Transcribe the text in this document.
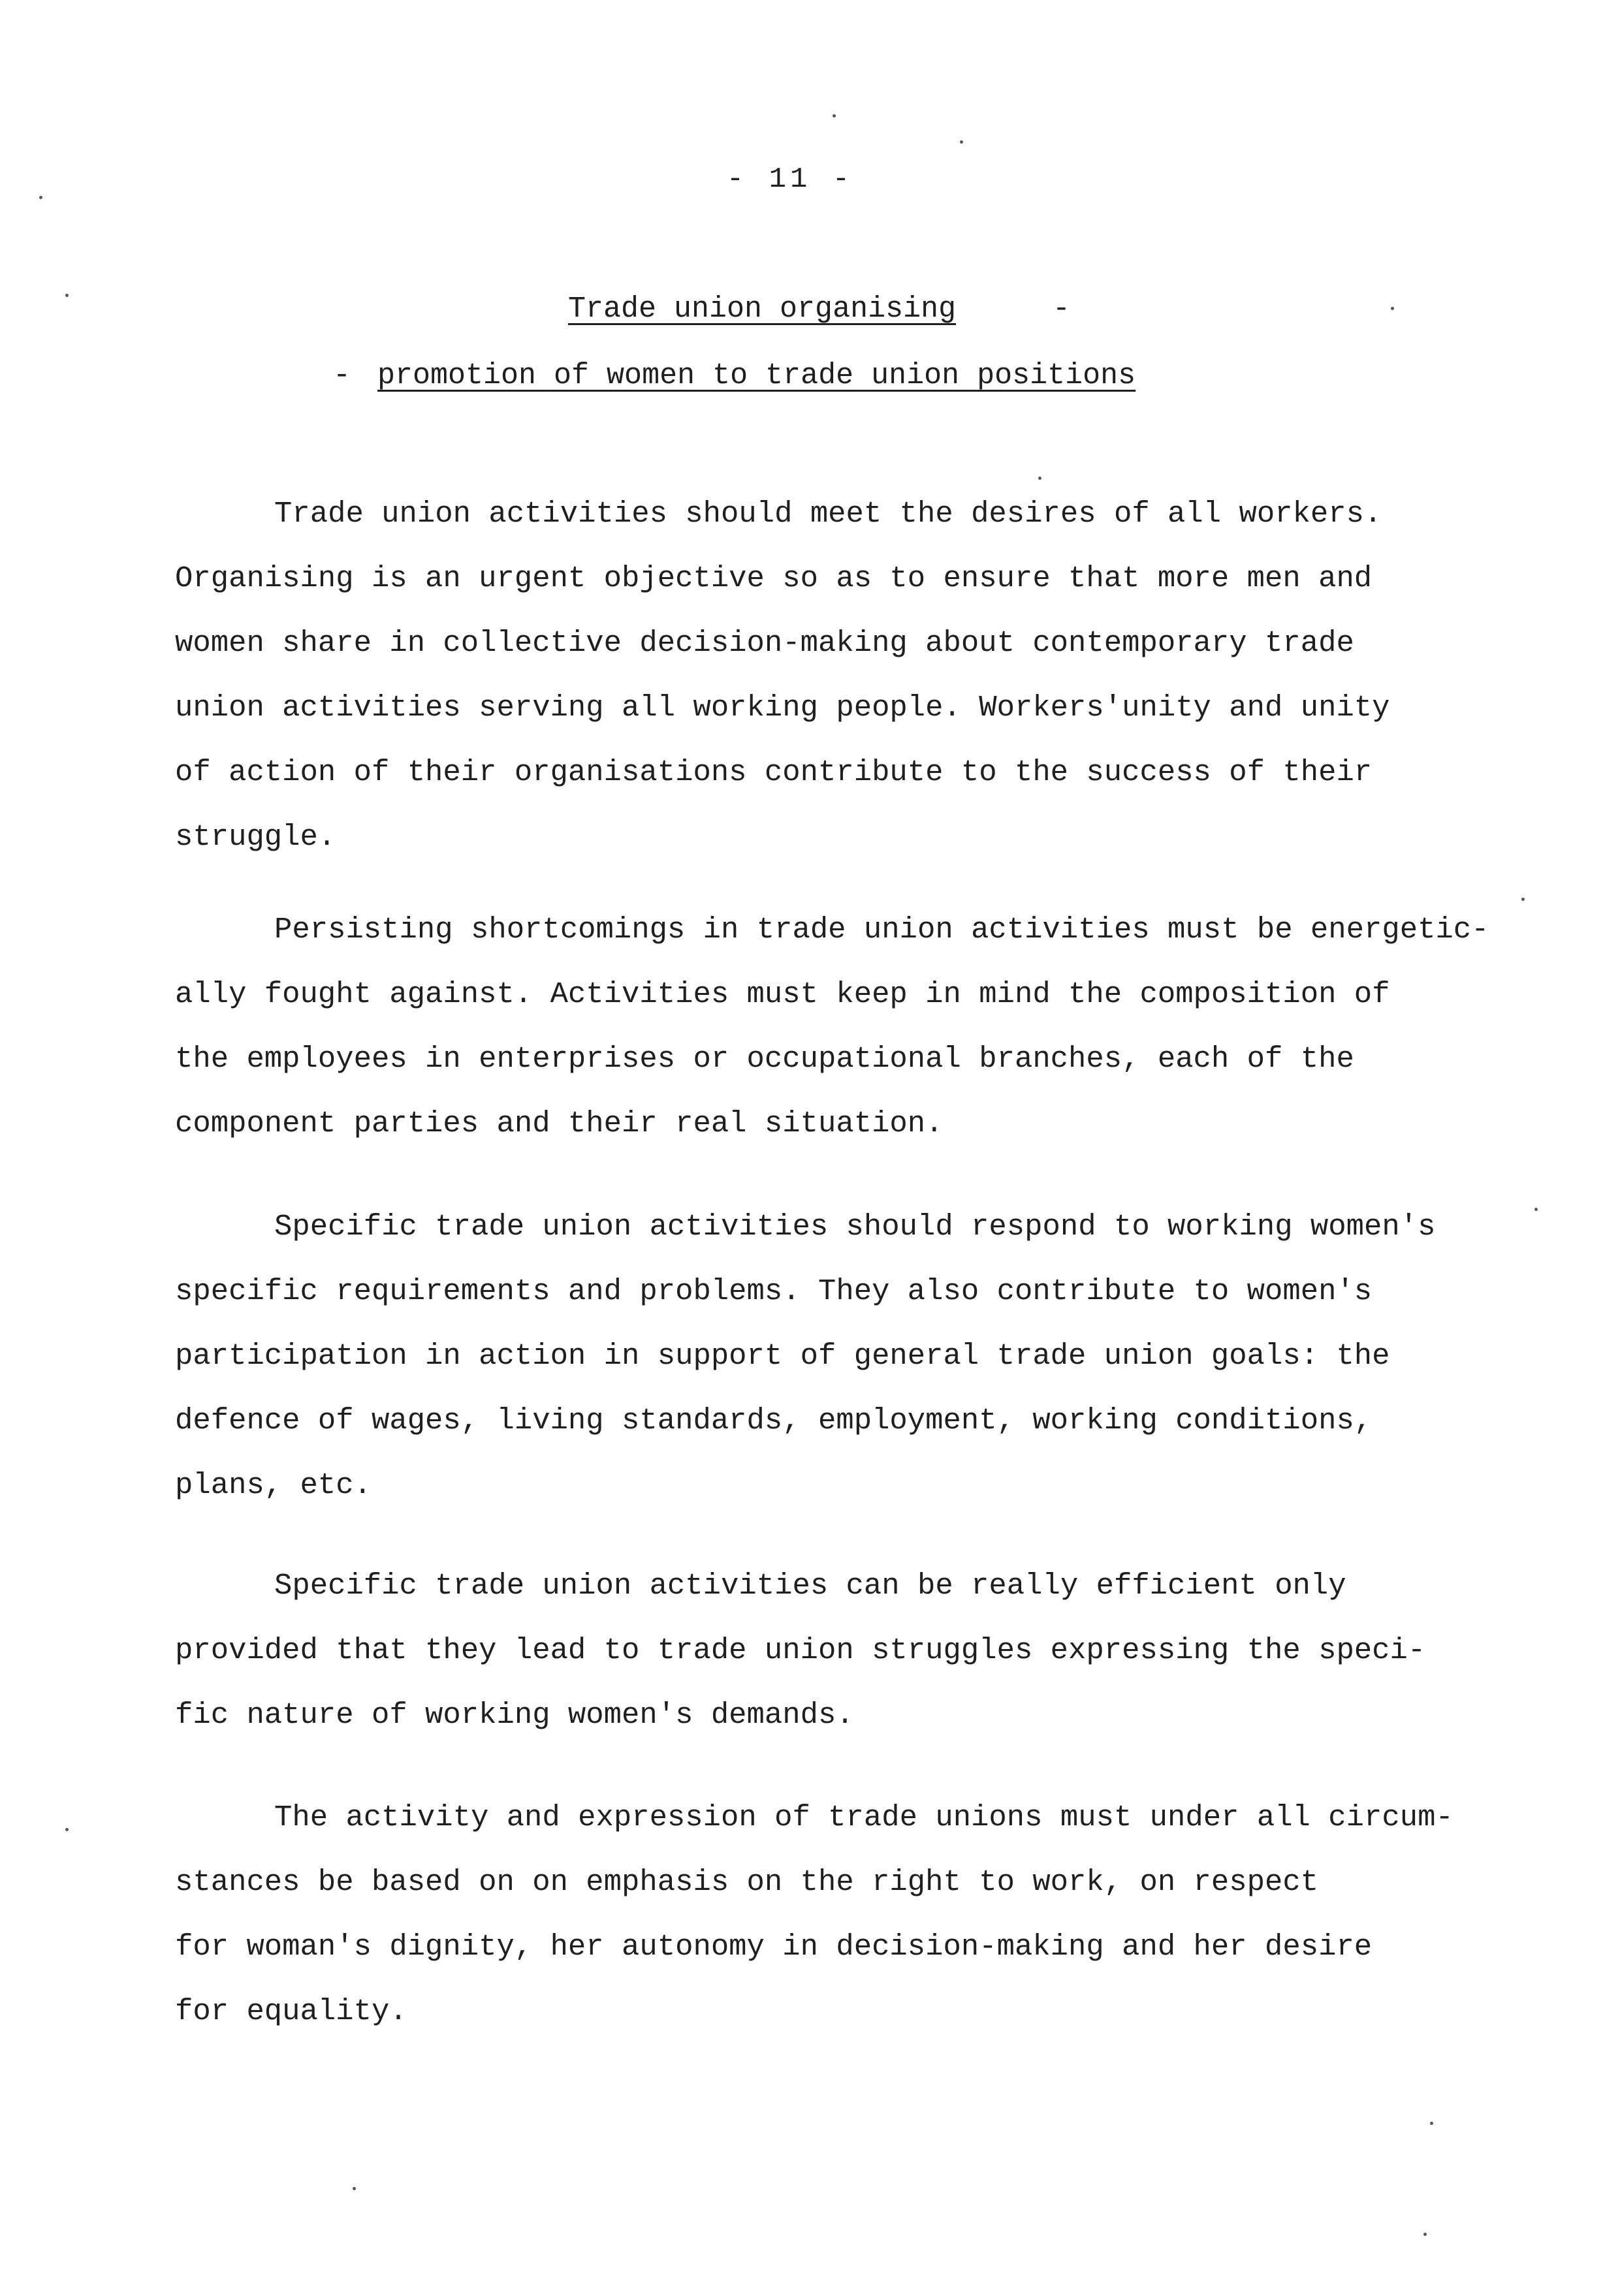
- 11 -
Trade union organising	-
- promotion of women to trade union positions
Trade union activities should meet the desires of all workers.
Organising is an urgent objective so as to ensure that more men and
women share in collective decision-making about contemporary trade
union activities serving all working people. Workers'unity and unity
of action of their organisations contribute to the success of their
struggle.
Persisting shortcomings in trade union activities must be energetic-
ally fought against. Activities must keep in mind the composition of
the employees in enterprises or occupational branches, each of the
component parties and their real situation.
Specific trade union activities should respond to working women's
specific requirements and problems. They also contribute to women's
participation in action in support of general trade union goals: the
defence of wages, living standards, employment, working conditions,
plans, etc.
Specific trade union activities can be really efficient only
provided that they lead to trade union struggles expressing the speci-
fic nature of working women's demands.
The activity and expression of trade unions must under all circum-
stances be based on on emphasis on the right to work, on respect
for woman's dignity, her autonomy in decision-making and her desire
for equality.
